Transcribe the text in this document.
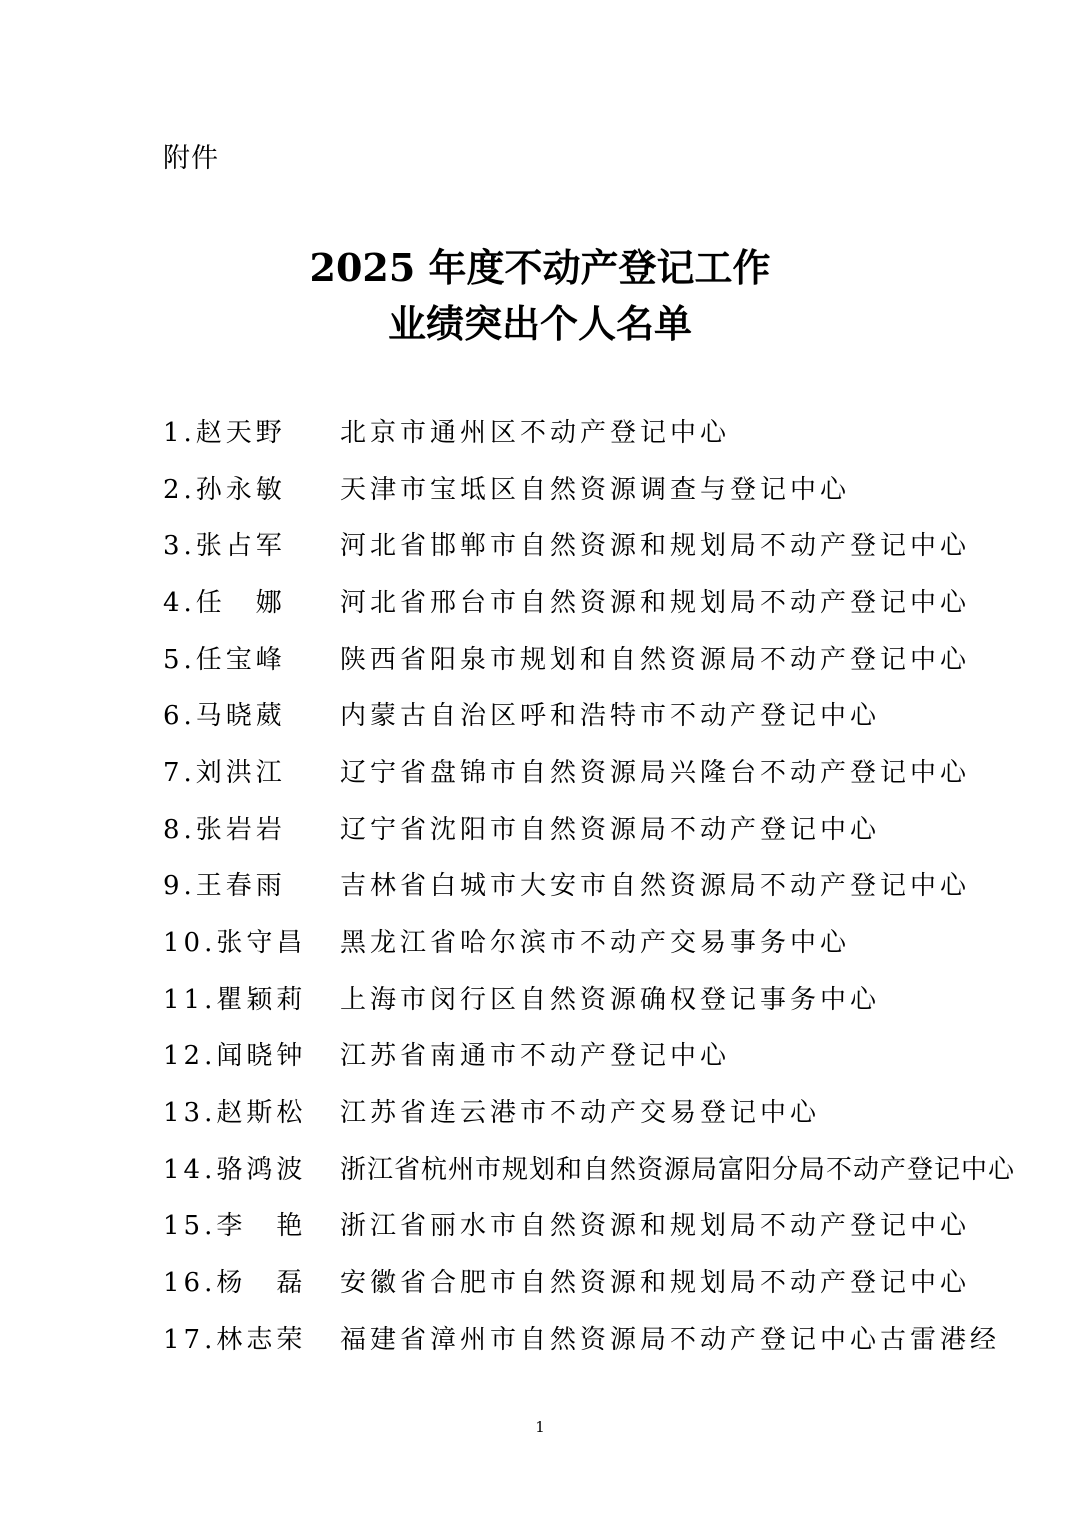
附件
2025 年度不动产登记工作
业绩突出个人名单
1.赵天野	北京市通州区不动产登记中心
2.孙永敏	天津市宝坻区自然资源调查与登记中心
3.张占军	河北省邯郸市自然资源和规划局不动产登记中心
4.任　娜	河北省邢台市自然资源和规划局不动产登记中心
5.任宝峰	陕西省阳泉市规划和自然资源局不动产登记中心
6.马晓葳	内蒙古自治区呼和浩特市不动产登记中心
7.刘洪江	辽宁省盘锦市自然资源局兴隆台不动产登记中心
8.张岩岩	辽宁省沈阳市自然资源局不动产登记中心
9.王春雨	吉林省白城市大安市自然资源局不动产登记中心
10.张守昌	黑龙江省哈尔滨市不动产交易事务中心
11.瞿颖莉	上海市闵行区自然资源确权登记事务中心
12.闻晓钟	江苏省南通市不动产登记中心
13.赵斯松	江苏省连云港市不动产交易登记中心
14.骆鸿波	浙江省杭州市规划和自然资源局富阳分局不动产登记中心
15.李　艳	浙江省丽水市自然资源和规划局不动产登记中心
16.杨　磊	安徽省合肥市自然资源和规划局不动产登记中心
17.林志荣	福建省漳州市自然资源局不动产登记中心古雷港经
1
